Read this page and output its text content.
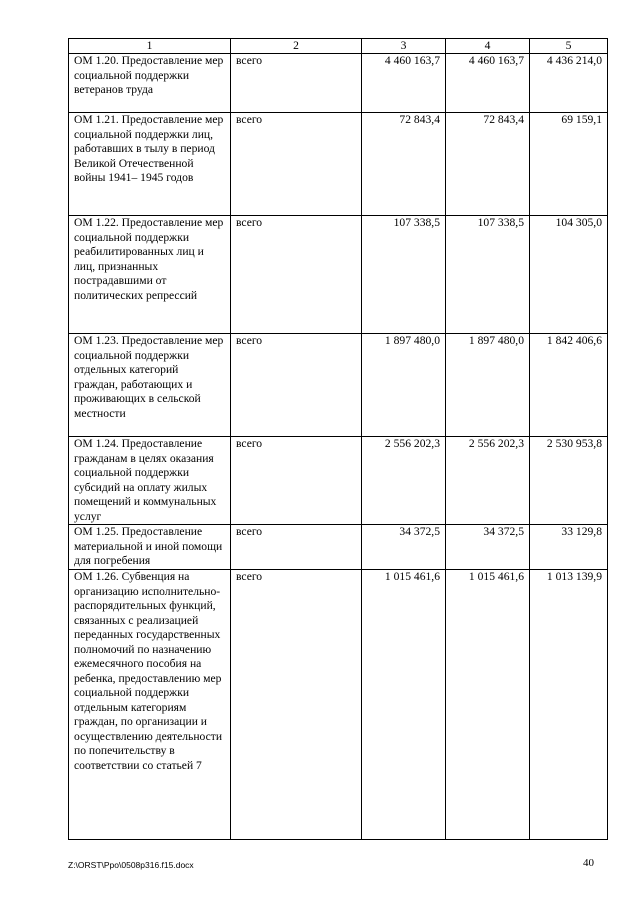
1	2	3	4	5
ОМ 1.20. Предоставление мер социальной поддержки ветеранов труда	всего	4 460 163,7	4 460 163,7	4 436 214,0
ОМ 1.21. Предоставление мер социальной поддержки лиц, работавших в тылу в период Великой Отечественной войны 1941– 1945 годов	всего	72 843,4	72 843,4	69 159,1
ОМ 1.22. Предоставление мер социальной поддержки реабилитированных лиц и лиц, признанных пострадавшими от политических репрессий	всего	107 338,5	107 338,5	104 305,0
ОМ 1.23. Предоставление мер социальной поддержки отдельных категорий граждан, работающих и проживающих в сельской местности	всего	1 897 480,0	1 897 480,0	1 842 406,6
ОМ 1.24. Предоставление гражданам в целях оказания социальной поддержки субсидий на оплату жилых помещений и коммунальных услуг	всего	2 556 202,3	2 556 202,3	2 530 953,8
ОМ 1.25. Предоставление материальной и иной помощи для погребения	всего	34 372,5	34 372,5	33 129,8
ОМ 1.26. Субвенция на организацию исполнительно-распорядительных функций, связанных с реализацией переданных государственных полномочий по назначению ежемесячного пособия на ребенка, предоставлению мер социальной поддержки отдельным категориям граждан, по организации и осуществлению деятельности по попечительству в соответствии со статьей 7	всего	1 015 461,6	1 015 461,6	1 013 139,9
Z:\ORST\Ppo\0508p316.f15.docx	40
